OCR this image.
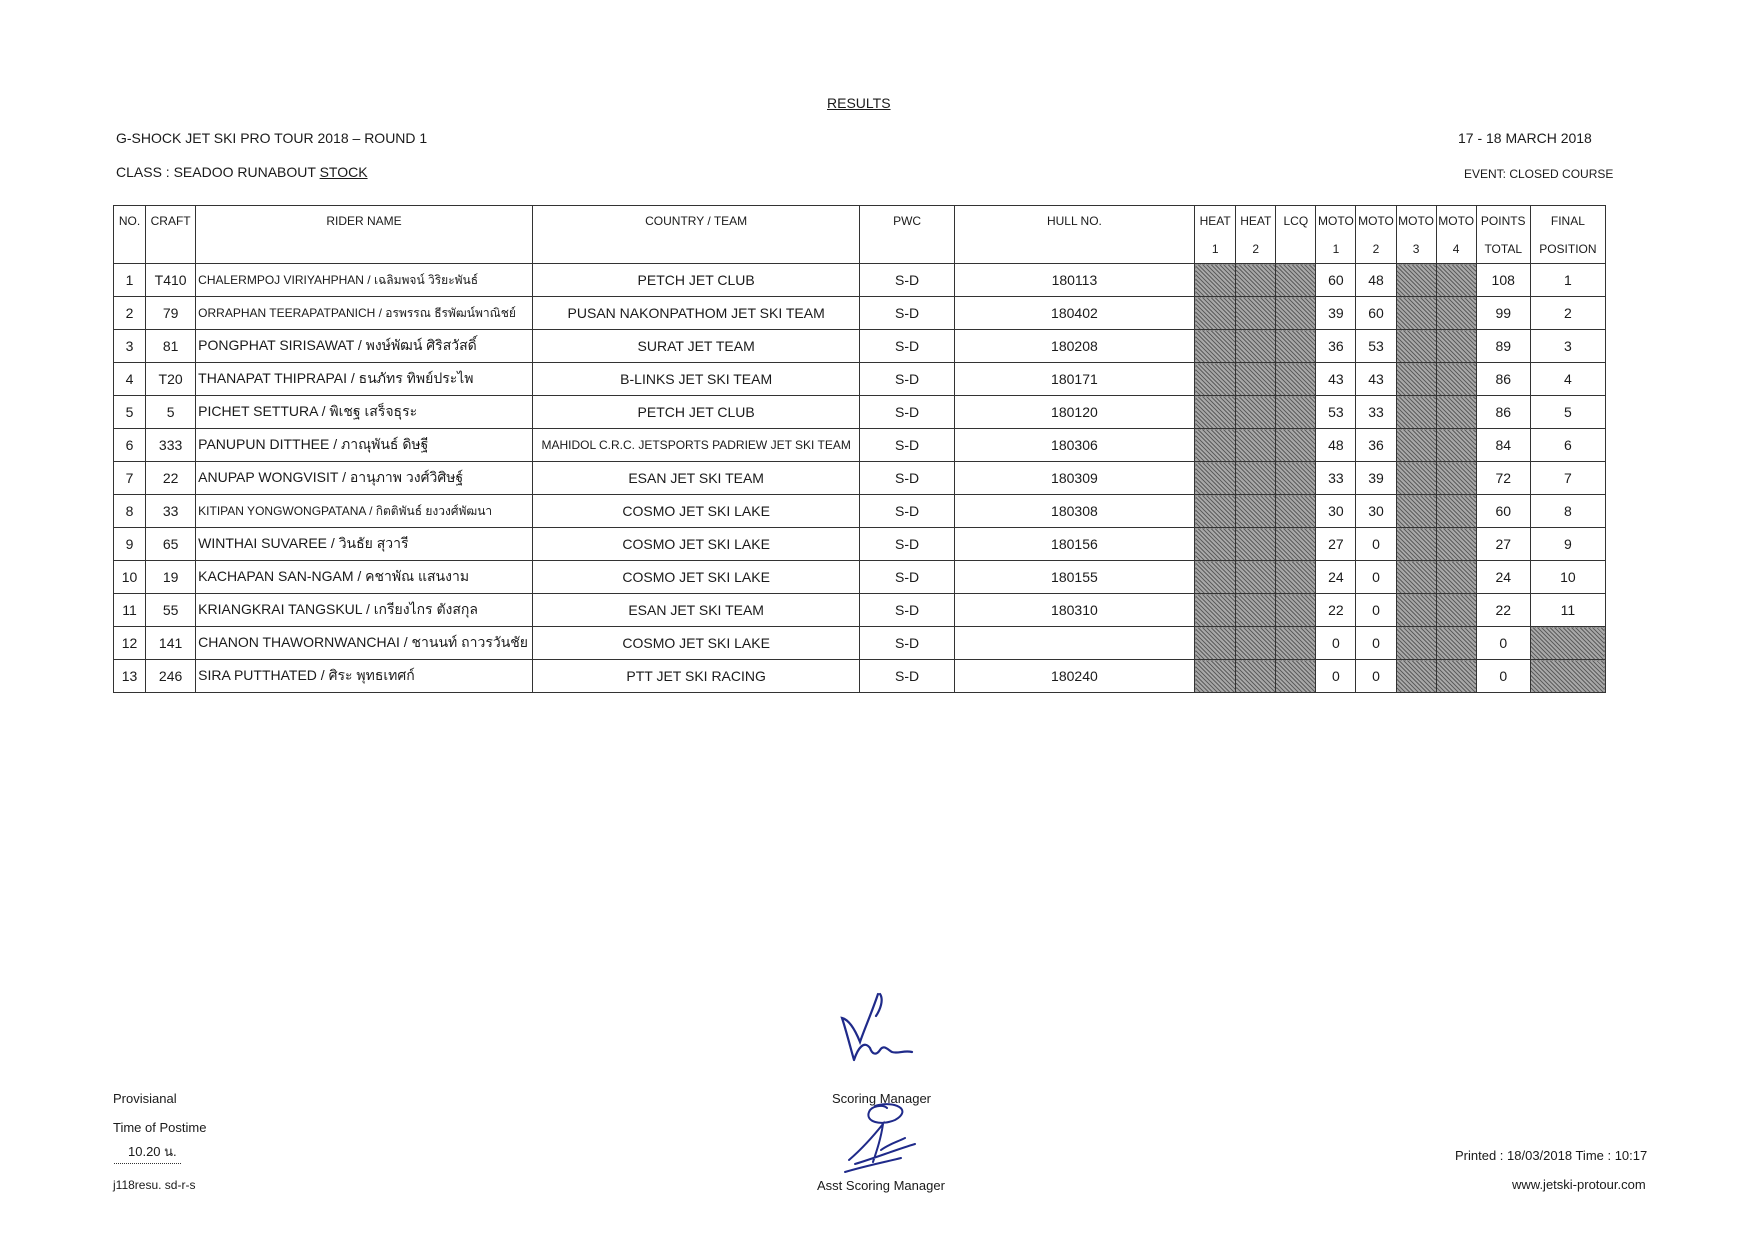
RESULTS
G-SHOCK JET SKI PRO TOUR 2018 – ROUND 1	17 - 18 MARCH 2018
CLASS : SEADOO RUNABOUT STOCK	EVENT: CLOSED COURSE
NO.	CRAFT	RIDER NAME	COUNTRY / TEAM	PWC	HULL NO.	HEAT	HEAT	LCQ	MOTO	MOTO	MOTO	MOTO	POINTS	FINAL
						1	2		1	2	3	4	TOTAL	POSITION
1	T410	CHALERMPOJ VIRIYAHPHAN / เฉลิมพจน์ วิริยะพันธ์	PETCH JET CLUB	S-D	180113				60	48			108	1
2	79	ORRAPHAN TEERAPATPANICH / อรพรรณ ธีรพัฒน์พาณิชย์	PUSAN NAKONPATHOM JET SKI TEAM	S-D	180402				39	60			99	2
3	81	PONGPHAT SIRISAWAT / พงษ์พัฒน์ ศิริสวัสดิ์	SURAT JET TEAM	S-D	180208				36	53			89	3
4	T20	THANAPAT THIPRAPAI / ธนภัทร ทิพย์ประไพ	B-LINKS JET SKI TEAM	S-D	180171				43	43			86	4
5	5	PICHET SETTURA / พิเชฐ เสร็จธุระ	PETCH JET CLUB	S-D	180120				53	33			86	5
6	333	PANUPUN DITTHEE / ภาณุพันธ์ ดิษฐี	MAHIDOL C.R.C. JETSPORTS PADRIEW JET SKI TEAM	S-D	180306				48	36			84	6
7	22	ANUPAP WONGVISIT / อานุภาพ วงศ์วิศิษฐ์	ESAN JET SKI TEAM	S-D	180309				33	39			72	7
8	33	KITIPAN YONGWONGPATANA / กิตติพันธ์ ยงวงศ์พัฒนา	COSMO JET SKI LAKE	S-D	180308				30	30			60	8
9	65	WINTHAI SUVAREE / วินธัย สุวารี	COSMO JET SKI LAKE	S-D	180156				27	0			27	9
10	19	KACHAPAN SAN-NGAM / คชาพัณ แสนงาม	COSMO JET SKI LAKE	S-D	180155				24	0			24	10
11	55	KRIANGKRAI TANGSKUL / เกรียงไกร ตังสกุล	ESAN JET SKI TEAM	S-D	180310				22	0			22	11
12	141	CHANON THAWORNWANCHAI / ชานนท์ ถาวรวันชัย	COSMO JET SKI LAKE	S-D					0	0			0	
13	246	SIRA PUTTHATED / ศิระ พุทธเทศก์	PTT JET SKI RACING	S-D	180240				0	0			0	
Provisianal
Time of Postime
10.20 น.
j118resu. sd-r-s
Scoring Manager
Asst Scoring Manager
Printed : 18/03/2018 Time : 10:17
www.jetski-protour.com
